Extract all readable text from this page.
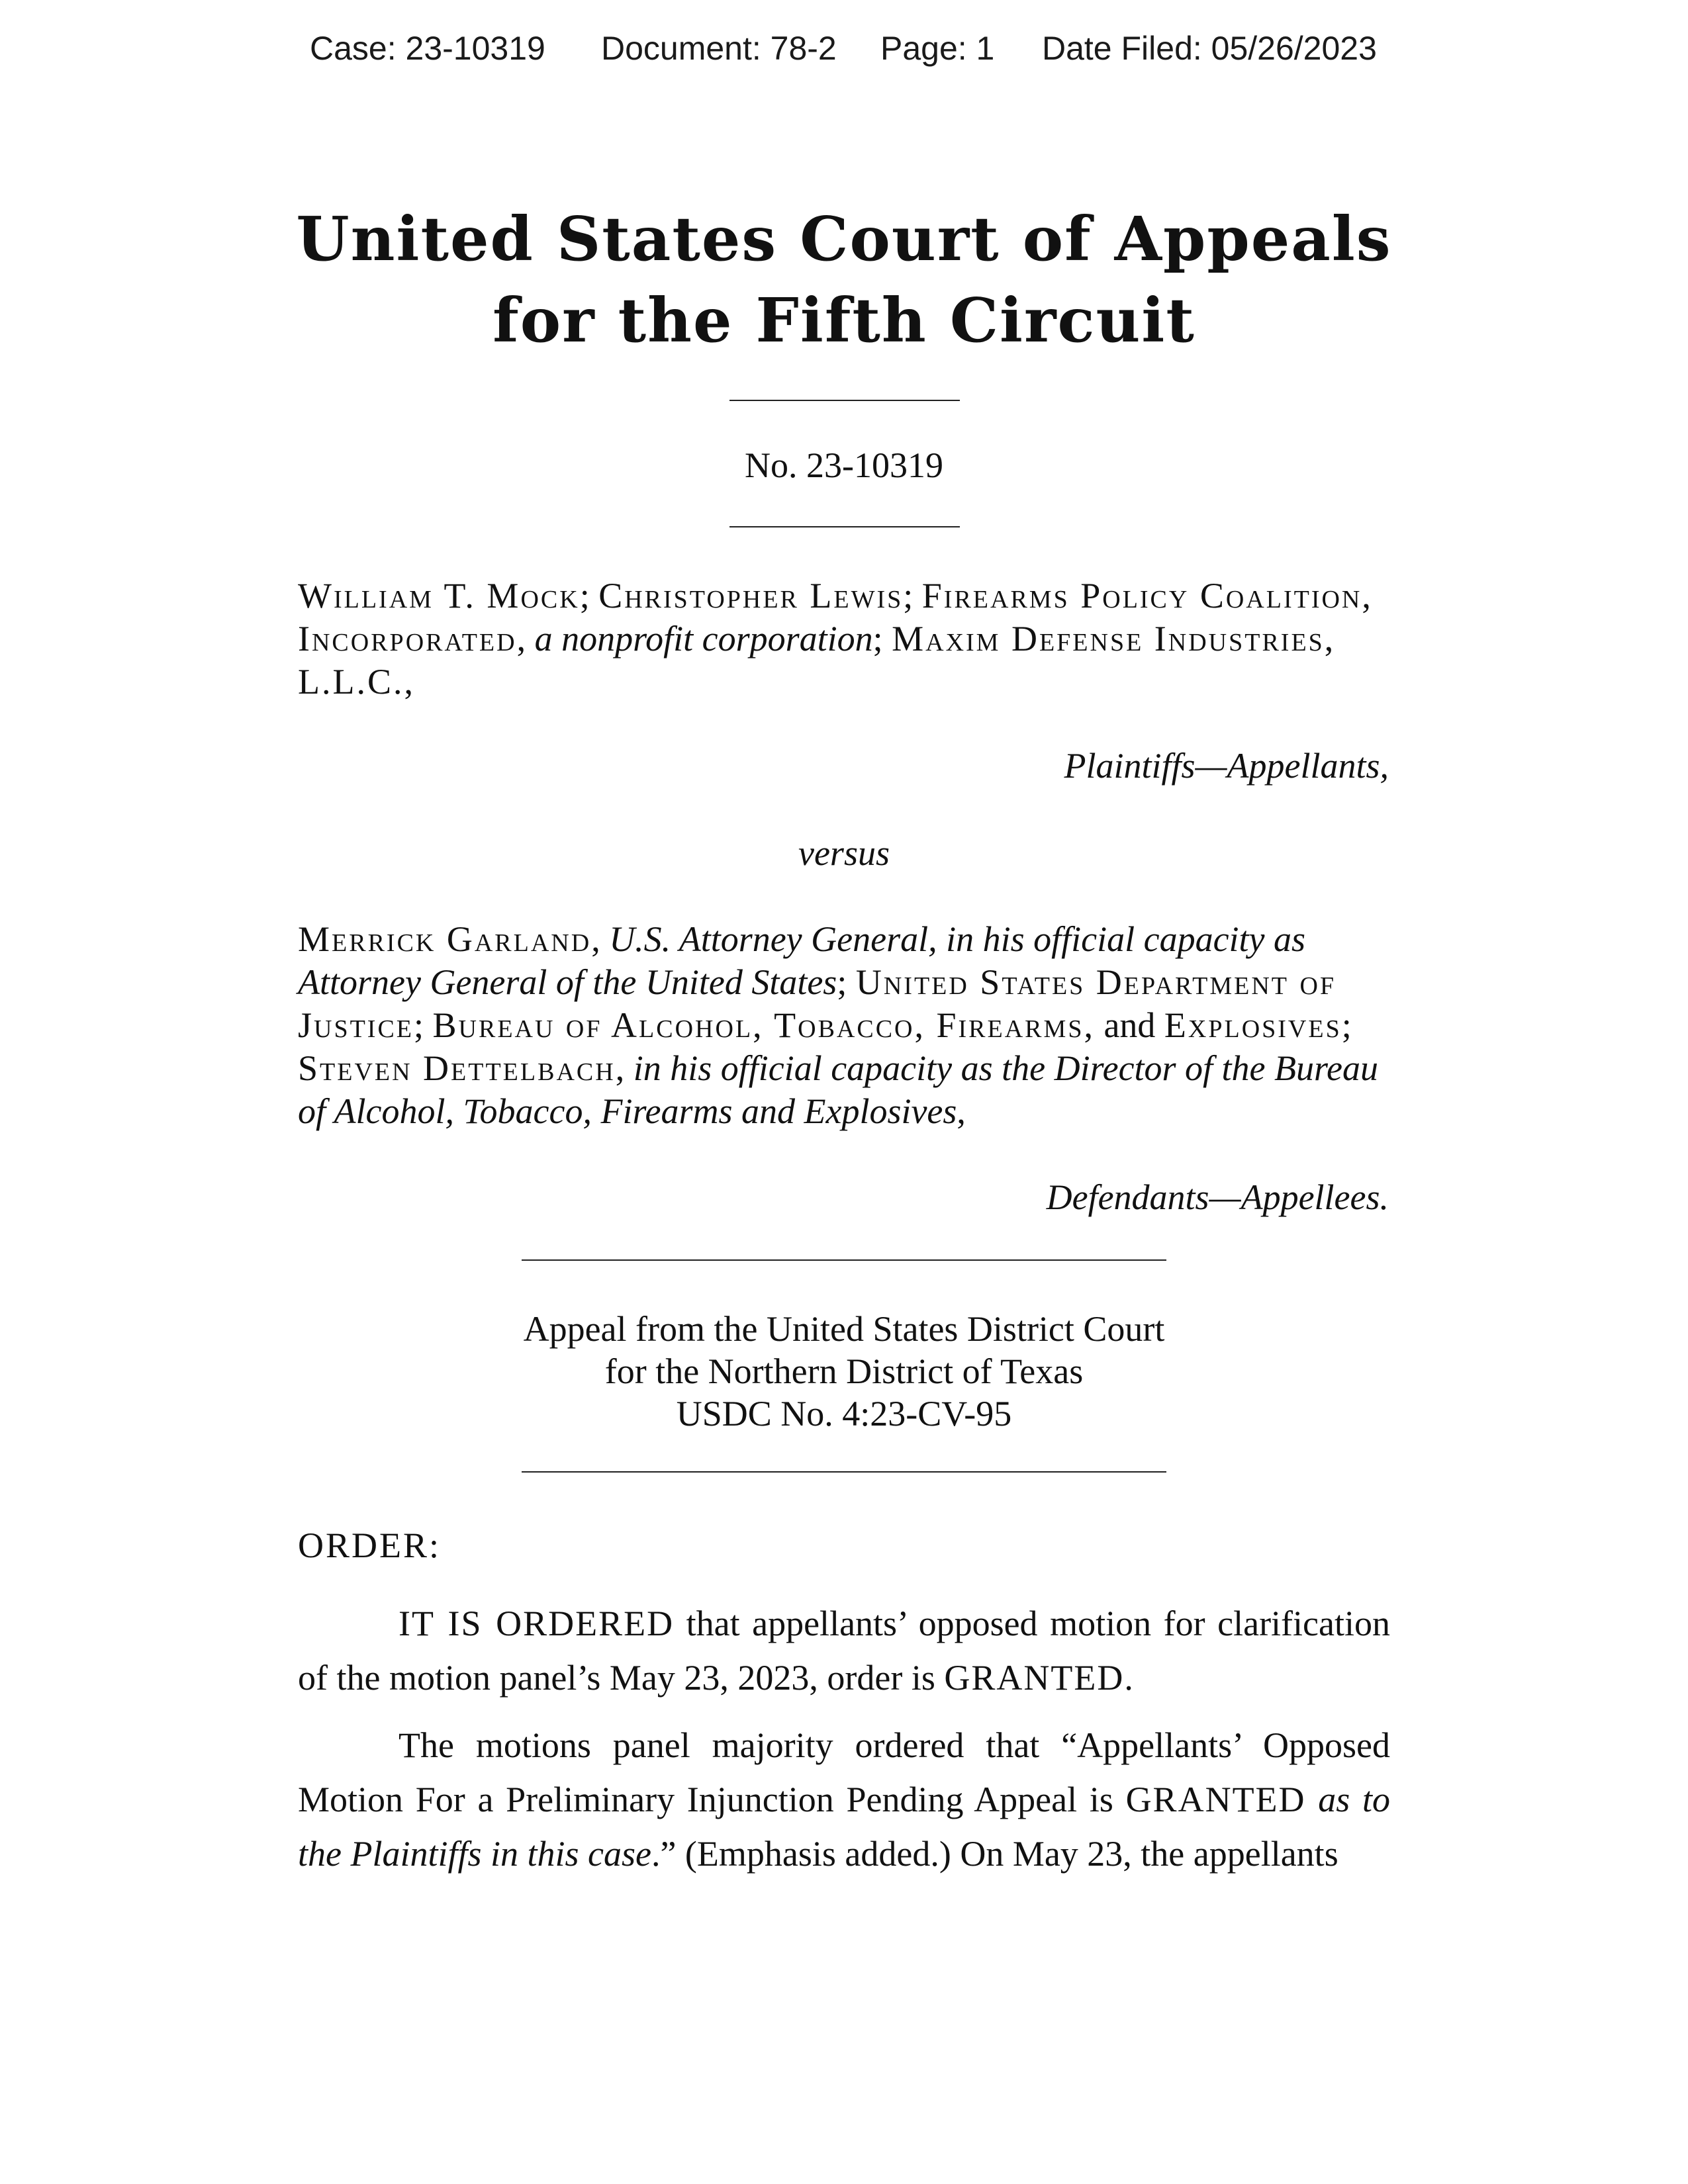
Case: 23-10319 Document: 78-2 Page: 1 Date Filed: 05/26/2023
United States Court of Appeals
for the Fifth Circuit
No. 23-10319
William T. Mock; Christopher Lewis; Firearms Policy Coalition, Incorporated, a nonprofit corporation; Maxim Defense Industries, L.L.C.,
Plaintiffs—Appellants,
versus
Merrick Garland, U.S. Attorney General, in his official capacity as Attorney General of the United States; United States Department of Justice; Bureau of Alcohol, Tobacco, Firearms, and Explosives; Steven Dettelbach, in his official capacity as the Director of the Bureau of Alcohol, Tobacco, Firearms and Explosives,
Defendants—Appellees.
Appeal from the United States District Court
for the Northern District of Texas
USDC No. 4:23-CV-95
ORDER:
IT IS ORDERED that appellants’ opposed motion for clarification of the motion panel’s May 23, 2023, order is GRANTED.
The motions panel majority ordered that “Appellants’ Opposed Motion For a Preliminary Injunction Pending Appeal is GRANTED as to the Plaintiffs in this case.” (Emphasis added.) On May 23, the appellants
